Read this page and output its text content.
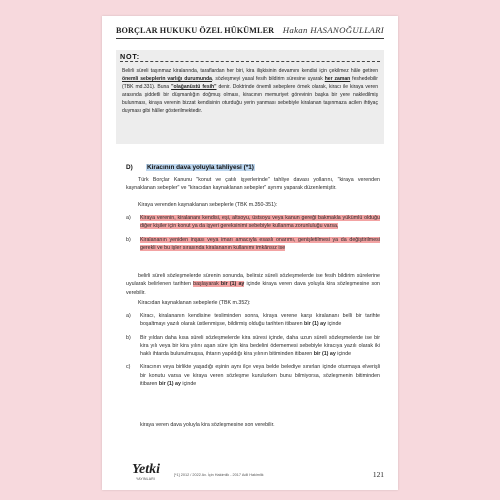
BORÇLAR HUKUKU ÖZEL HÜKÜMLER Hakan HASANOĞULLARI
NOT:
Belirli süreli taşınmaz kiralarında, taraflardan her biri, kira ilişkisinin devamını kendisi için çekilmez hâle getiren önemli sebeplerin varlığı durumunda, sözleşmeyi yasal fesih bildirim süresine uyarak her zaman feshedebilir (TBK md.331). Buna "olağanüstü fesih" denir. Doktrinde önemli sebeplere örnek olarak, kiracı ile kiraya veren arasında şiddetli bir düşmanlığın doğmuş olması, kiracının memuriyet görevinin başka bir yere nakledilmiş bulunması, kiraya verenin bizzat kendisinin oturduğu yerin yanması sebebiyle kiralanan taşınmaza acilen ihtiyaç duyması gibi hâller gösterilmektedir.
D) Kiracının dava yoluyla tahliyesi (*1)
Türk Borçlar Kanunu "konut ve çatılı işyerlerinde" tahliye davası yollarını, "kiraya verenden kaynaklanan sebepler" ve "kiracıdan kaynaklanan sebepler" ayrımı yaparak düzenlemiştir.
Kiraya verenden kaynaklanan sebeplerle (TBK m.350-351):
a)	Kiraya verenin, kiralananı kendisi, eşi, altsoyu, üstsoyu veya kanun gereği bakmakla yükümlü olduğu diğer kişiler için konut ya da işyeri gereksinimi sebebiyle kullanma zorunluluğu varsa,
b)	Kiralananın yeniden inşası veya imarı amacıyla esaslı onarımı, genişletilmesi ya da değiştirilmesi gerekli ve bu işler sırasında kiralananın kullanımı imkânsız ise
belirli süreli sözleşmelerde sürenin sonunda, belirsiz süreli sözleşmelerde ise fesih bildirim sürelerine uyularak belirlenen tarihten başlayarak bir (1) ay içinde kiraya veren dava yoluyla kira sözleşmesine son verebilir.
Kiracıdan kaynaklanan sebeplerle (TBK m.352):
a)	Kiracı, kiralananın kendisine tesliminden sonra, kiraya verene karşı kiralananı belli bir tarihte boşaltmayı yazılı olarak üstlenmişse, bildirmiş olduğu tarihten itibaren bir (1) ay içinde
b)	Bir yıldan daha kısa süreli sözleşmelerde kira süresi içinde, daha uzun süreli sözleşmelerde ise bir kira yılı veya bir kira yılını aşan süre için kira bedelini ödememesi sebebiyle kiracıya yazılı olarak iki haklı ihtarda bulunulmuşsa, ihtarın yapıldığı kira yılının bitiminden itibaren bir (1) ay içinde
c)	Kiracının veya birlikte yaşadığı eşinin aynı ilçe veya belde belediye sınırları içinde oturmaya elverişli bir konutu varsa ve kiraya veren sözleşme kurulurken bunu bilmiyorsa, sözleşmenin bitiminden itibaren bir (1) ay içinde
kiraya veren dava yoluyla kira sözleşmesine son verebilir.
Yetki
YAYINLARI
[*1] 2012 / 2022 Av. İçin Hakimlik - 2017 Adli Hakimlik	121
